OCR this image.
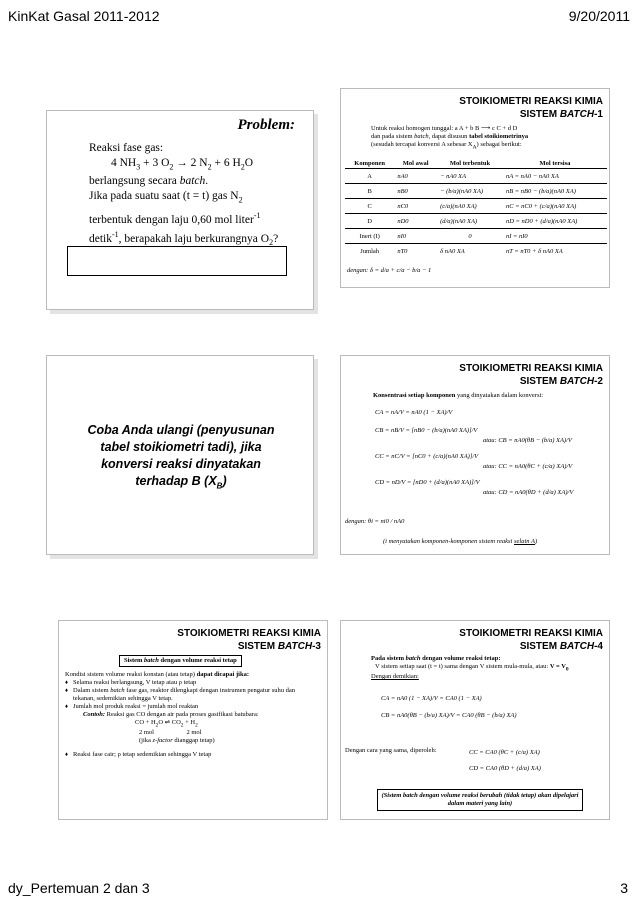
KinKat Gasal 2011-2012	9/20/2011
Problem:
Reaksi fase gas:
4 $NH_3 + 3$ $O_2 \to 2$ $N_2 + 6$ $H_2O$
berlangsung secara batch.
Jika pada suatu saat (t = t) gas $N_2$
terbentuk dengan laju 0,60 mol liter$^{-1}$
detik$^{-1}$, berapakah laju berkurangnya $O_2$?
STOIKIOMETRI REAKSI KIMIA
SISTEM BATCH-1
Untuk reaksi homogen tunggal: a A + b B ⟶ c C + d D
dan pada sistem batch, dapat disusun tabel stoikiometrinya
(sesudah tercapai konversi A sebesar $X_A$) sebagai berikut:
Komponen	Mol awal	Mol terbentuk	Mol tersisa
A	nA0	− nA0 XA	nA = nA0 − nA0 XA
B	nB0	− (b/a)(nA0 XA)	nB = nB0 − (b/a)(nA0 XA)
C	nC0	(c/a)(nA0 XA)	nC = nC0 + (c/a)(nA0 XA)
D	nD0	(d/a)(nA0 XA)	nD = nD0 + (d/a)(nA0 XA)
Inert (I)	nI0	0	nI = nI0
Jumlah	nT0	δ nA0 XA	nT = nT0 + δ nA0 XA
dengan: δ = d/a + c/a − b/a − 1
Coba Anda ulangi (penyusunan
tabel stoikiometri tadi), jika
konversi reaksi dinyatakan
terhadap B $(X_B)$
STOIKIOMETRI REAKSI KIMIA
SISTEM BATCH-2
Konsentrasi setiap komponen yang dinyatakan dalam konversi:
CA = nA/V = nA0 (1 − XA)/V
CB = nB/V = [nB0 − (b/a)(nA0 XA)]/V
atau: CB = nA0(θB − (b/a) XA)/V
CC = nC/V = [nC0 + (c/a)(nA0 XA)]/V
atau: CC = nA0(θC + (c/a) XA)/V
CD = nD/V = [nD0 + (d/a)(nA0 XA)]/V
atau: CD = nA0(θD + (d/a) XA)/V
dengan: θi = ni0 / nA0
(i menyatakan komponen-komponen sistem reaksi selain A)
STOIKIOMETRI REAKSI KIMIA
SISTEM BATCH-3
Sistem batch dengan volume reaksi tetap
Kondisi sistem volume reaksi konstan (atau tetap) dapat dicapai jika:
♦ Selama reaksi berlangsung, V tetap atau ρ tetap
♦ Dalam sistem batch fase gas, reaktor dilengkapi dengan instrumen pengatur suhu dan tekanan, sedemikian sehingga V tetap.
♦ Jumlah mol produk reaksi = jumlah mol reaktan
Contoh: Reaksi gas CO dengan air pada proses gasifikasi batubara:
CO + $H_2O$ ⇌ $CO_2 + H_2$
2 mol                    2 mol
(jika z-factor dianggap tetap)
♦ Reaksi fase cair; ρ tetap sedemikian sehingga V tetap
STOIKIOMETRI REAKSI KIMIA
SISTEM BATCH-4
Pada sistem batch dengan volume reaksi tetap:
V sistem setiap saat (t = t) sama dengan V sistem mula-mula, atau: $V = V_0$
Dengan demikian:
CA = nA0 (1 − XA)/V = CA0 (1 − XA)
CB = nA0(θB − (b/a) XA)/V = CA0 (θB − (b/a) XA)
Dengan cara yang sama, diperoleh:	CC = CA0 (θC + (c/a) XA)
CD = CA0 (θD + (d/a) XA)
(Sistem batch dengan volume reaksi berubah (tidak tetap) akan dipelajari dalam materi yang lain)
dy_Pertemuan 2 dan 3	3
